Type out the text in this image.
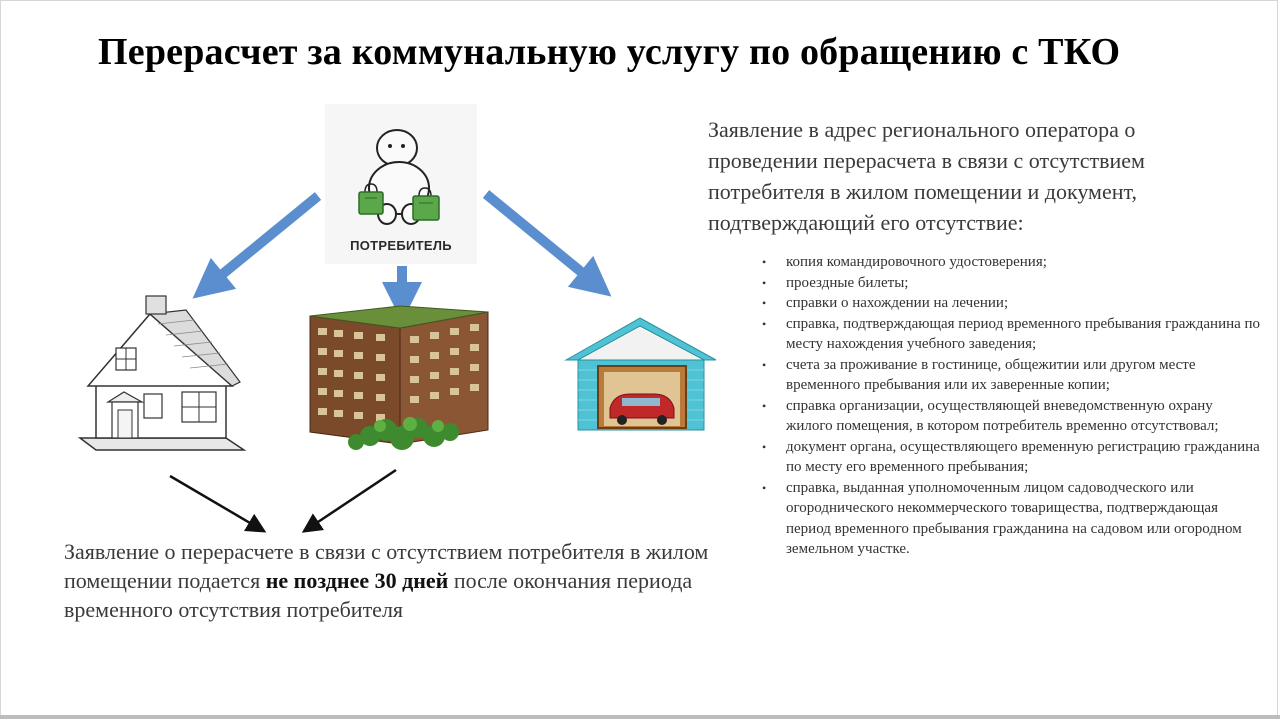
Перерасчет за коммунальную услугу по обращению с ТКО
ПОТРЕБИТЕЛЬ
Заявление в адрес регионального оператора о проведении перерасчета в связи с отсутствием потребителя в жилом помещении и документ, подтверждающий его отсутствие:
• копия командировочного удостоверения;
• проездные билеты;
• справки о нахождении на лечении;
• справка, подтверждающая период временного пребывания гражданина по месту нахождения учебного заведения;
• счета за проживание в гостинице, общежитии или другом месте временного пребывания или их заверенные копии;
• справка организации, осуществляющей вневедомственную охрану жилого помещения, в котором потребитель временно отсутствовал;
• документ органа, осуществляющего временную регистрацию гражданина по месту его временного пребывания;
• справка, выданная уполномоченным лицом садоводческого или огороднического некоммерческого товарищества, подтверждающая период временного пребывания гражданина на садовом или огородном земельном участке.
Заявление о перерасчете в связи с отсутствием потребителя в жилом помещении подается не позднее 30 дней после окончания периода временного отсутствия потребителя
